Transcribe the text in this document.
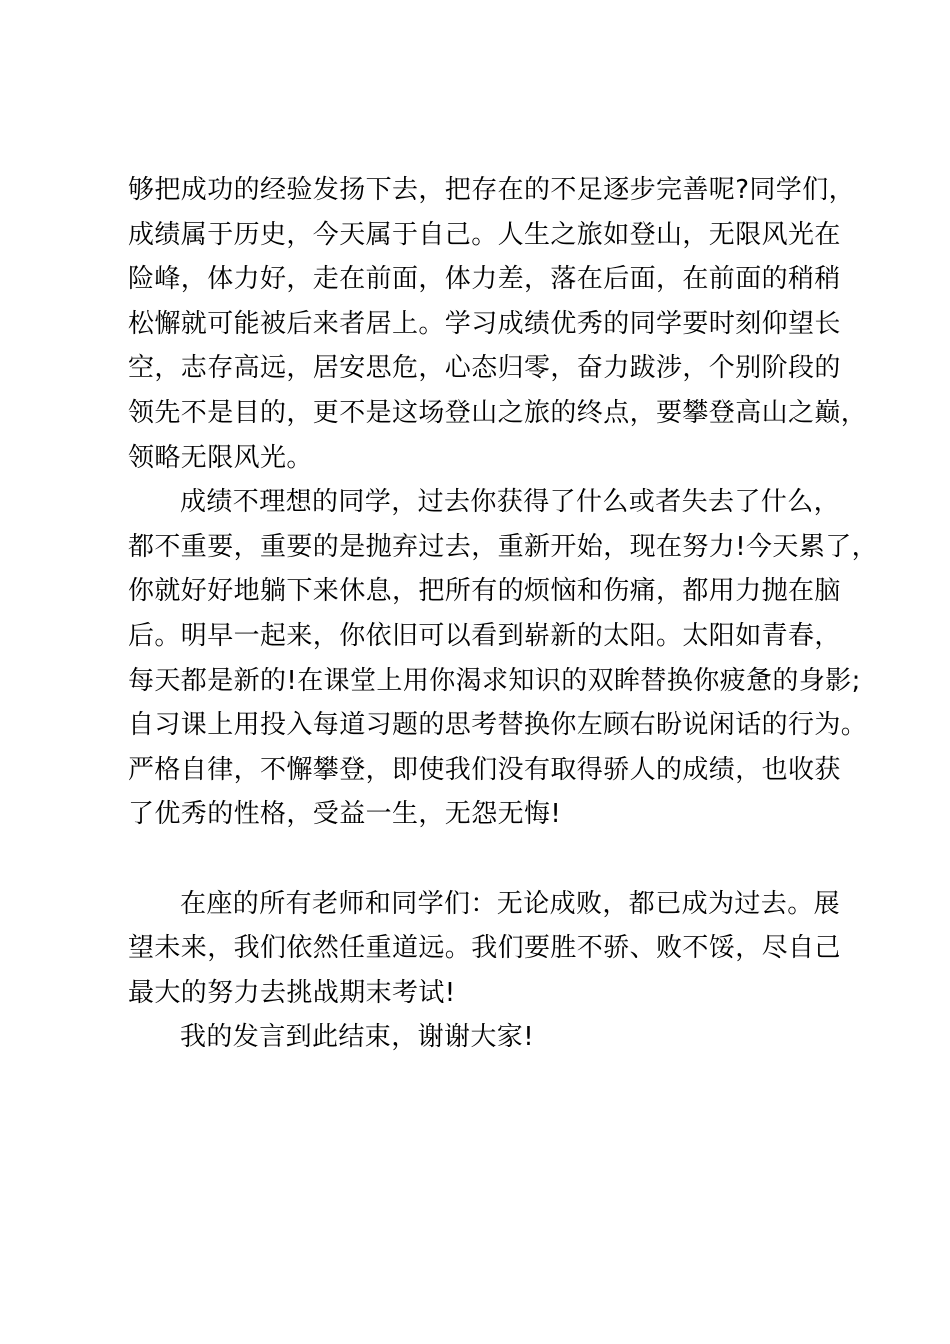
够把成功的经验发扬下去，把存在的不足逐步完善呢?同学们，
成绩属于历史，今天属于自己。人生之旅如登山，无限风光在
险峰，体力好，走在前面，体力差，落在后面，在前面的稍稍
松懈就可能被后来者居上。学习成绩优秀的同学要时刻仰望长
空，志存高远，居安思危，心态归零，奋力跋涉，个别阶段的
领先不是目的，更不是这场登山之旅的终点，要攀登高山之巅，
领略无限风光。
成绩不理想的同学，过去你获得了什么或者失去了什么，
都不重要，重要的是抛弃过去，重新开始，现在努力!今天累了，
你就好好地躺下来休息，把所有的烦恼和伤痛，都用力抛在脑
后。明早一起来，你依旧可以看到崭新的太阳。太阳如青春，
每天都是新的!在课堂上用你渴求知识的双眸替换你疲惫的身影;
自习课上用投入每道习题的思考替换你左顾右盼说闲话的行为。
严格自律，不懈攀登，即使我们没有取得骄人的成绩，也收获
了优秀的性格，受益一生，无怨无悔!
在座的所有老师和同学们：无论成败，都已成为过去。展
望未来，我们依然任重道远。我们要胜不骄、败不馁，尽自己
最大的努力去挑战期末考试!
我的发言到此结束，谢谢大家!
